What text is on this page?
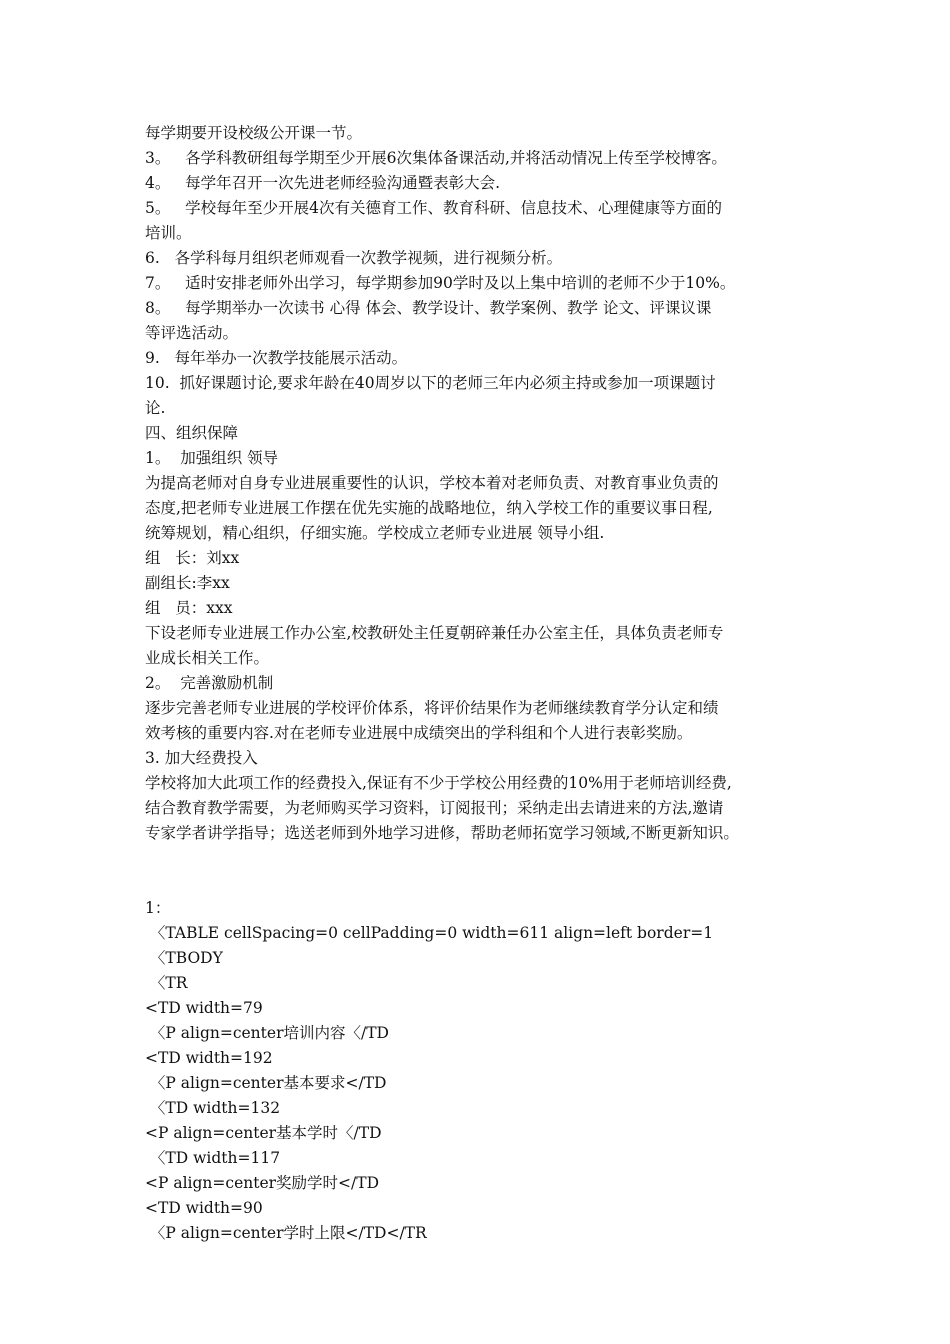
每学期要开设校级公开课一节。
3。   各学科教研组每学期至少开展6次集体备课活动,并将活动情况上传至学校博客。
4。   每学年召开一次先进老师经验沟通暨表彰大会.
5。   学校每年至少开展4次有关德育工作、教育科研、信息技术、心理健康等方面的
培训。
6.   各学科每月组织老师观看一次教学视频，进行视频分析。
7。   适时安排老师外出学习，每学期参加90学时及以上集中培训的老师不少于10%。
8。   每学期举办一次读书 心得 体会、教学设计、教学案例、教学 论文、评课议课
等评选活动。
9.   每年举办一次教学技能展示活动。
10.  抓好课题讨论,要求年龄在40周岁以下的老师三年内必须主持或参加一项课题讨
论.
四、组织保障
1。  加强组织 领导
为提高老师对自身专业进展重要性的认识，学校本着对老师负责、对教育事业负责的
态度,把老师专业进展工作摆在优先实施的战略地位，纳入学校工作的重要议事日程,
统筹规划，精心组织，仔细实施。学校成立老师专业进展 领导小组.
组   长：刘xx
副组长:李xx
组   员：xxx
下设老师专业进展工作办公室,校教研处主任夏朝碎兼任办公室主任，具体负责老师专
业成长相关工作。
2。  完善激励机制
逐步完善老师专业进展的学校评价体系，将评价结果作为老师继续教育学分认定和绩
效考核的重要内容.对在老师专业进展中成绩突出的学科组和个人进行表彰奖励。
3. 加大经费投入
学校将加大此项工作的经费投入,保证有不少于学校公用经费的10%用于老师培训经费,
结合教育教学需要，为老师购买学习资料，订阅报刊；采纳走出去请进来的方法,邀请
专家学者讲学指导；选送老师到外地学习进修，帮助老师拓宽学习领域,不断更新知识。
1：
〈TABLE cellSpacing=0 cellPadding=0 width=611 align=left border=1
〈TBODY
〈TR
<TD width=79
〈P align=center培训内容〈/TD
<TD width=192
〈P align=center基本要求</TD
〈TD width=132
<P align=center基本学时〈/TD
〈TD width=117
<P align=center奖励学时</TD
<TD width=90
〈P align=center学时上限</TD</TR
